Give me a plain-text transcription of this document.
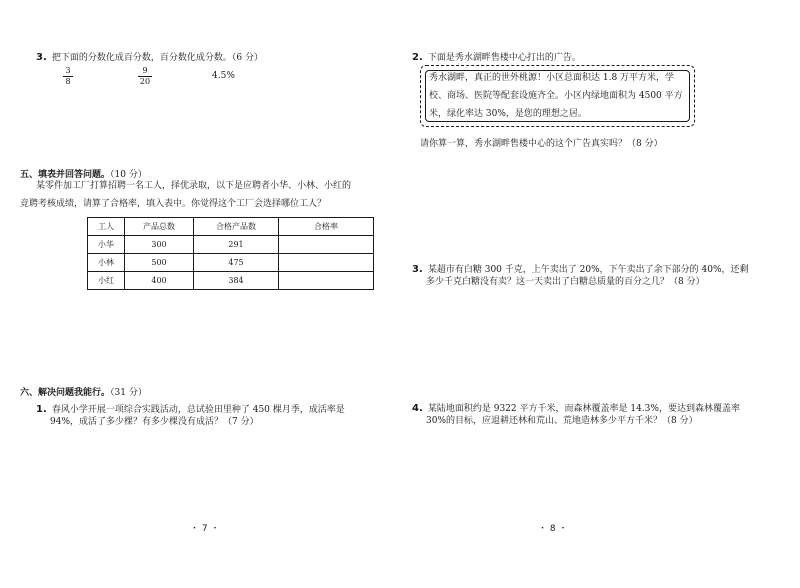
3. 把下面的分数化成百分数，百分数化成分数。（6 分）
3
8
9
20
4.5%
五、填表并回答问题。（10 分）
某零件加工厂打算招聘一名工人，择优录取，以下是应聘者小华、小林、小红的
竞聘考核成绩，请算了合格率，填入表中。你觉得这个工厂会选择哪位工人？
工人	产品总数	合格产品数	合格率
小华	300	291	
小林	500	475	
小红	400	384	
六、解决问题我能行。（31 分）
1. 春风小学开展一项综合实践活动，总试验田里种了 450 棵月季，成活率是
94%，成活了多少棵？有多少棵没有成活？（7 分）
・ 7 ・
2. 下面是秀水湖畔售楼中心打出的广告。
秀水湖畔，真正的世外桃源！小区总面积达 1.8 万平方米，学校、商场、医院等配套设施齐全。小区内绿地面积为 4500 平方米，绿化率达 30%，是您的理想之居。
请你算一算，秀水湖畔售楼中心的这个广告真实吗？（8 分）
3. 某超市有白糖 300 千克，上午卖出了 20%，下午卖出了余下部分的 40%，还剩
多少千克白糖没有卖？这一天卖出了白糖总质量的百分之几？（8 分）
4. 某陆地面积约是 9322 平方千米，而森林覆盖率是 14.3%，要达到森林覆盖率
30%的目标，应退耕还林和荒山、荒地造林多少平方千米？（8 分）
・ 8 ・
